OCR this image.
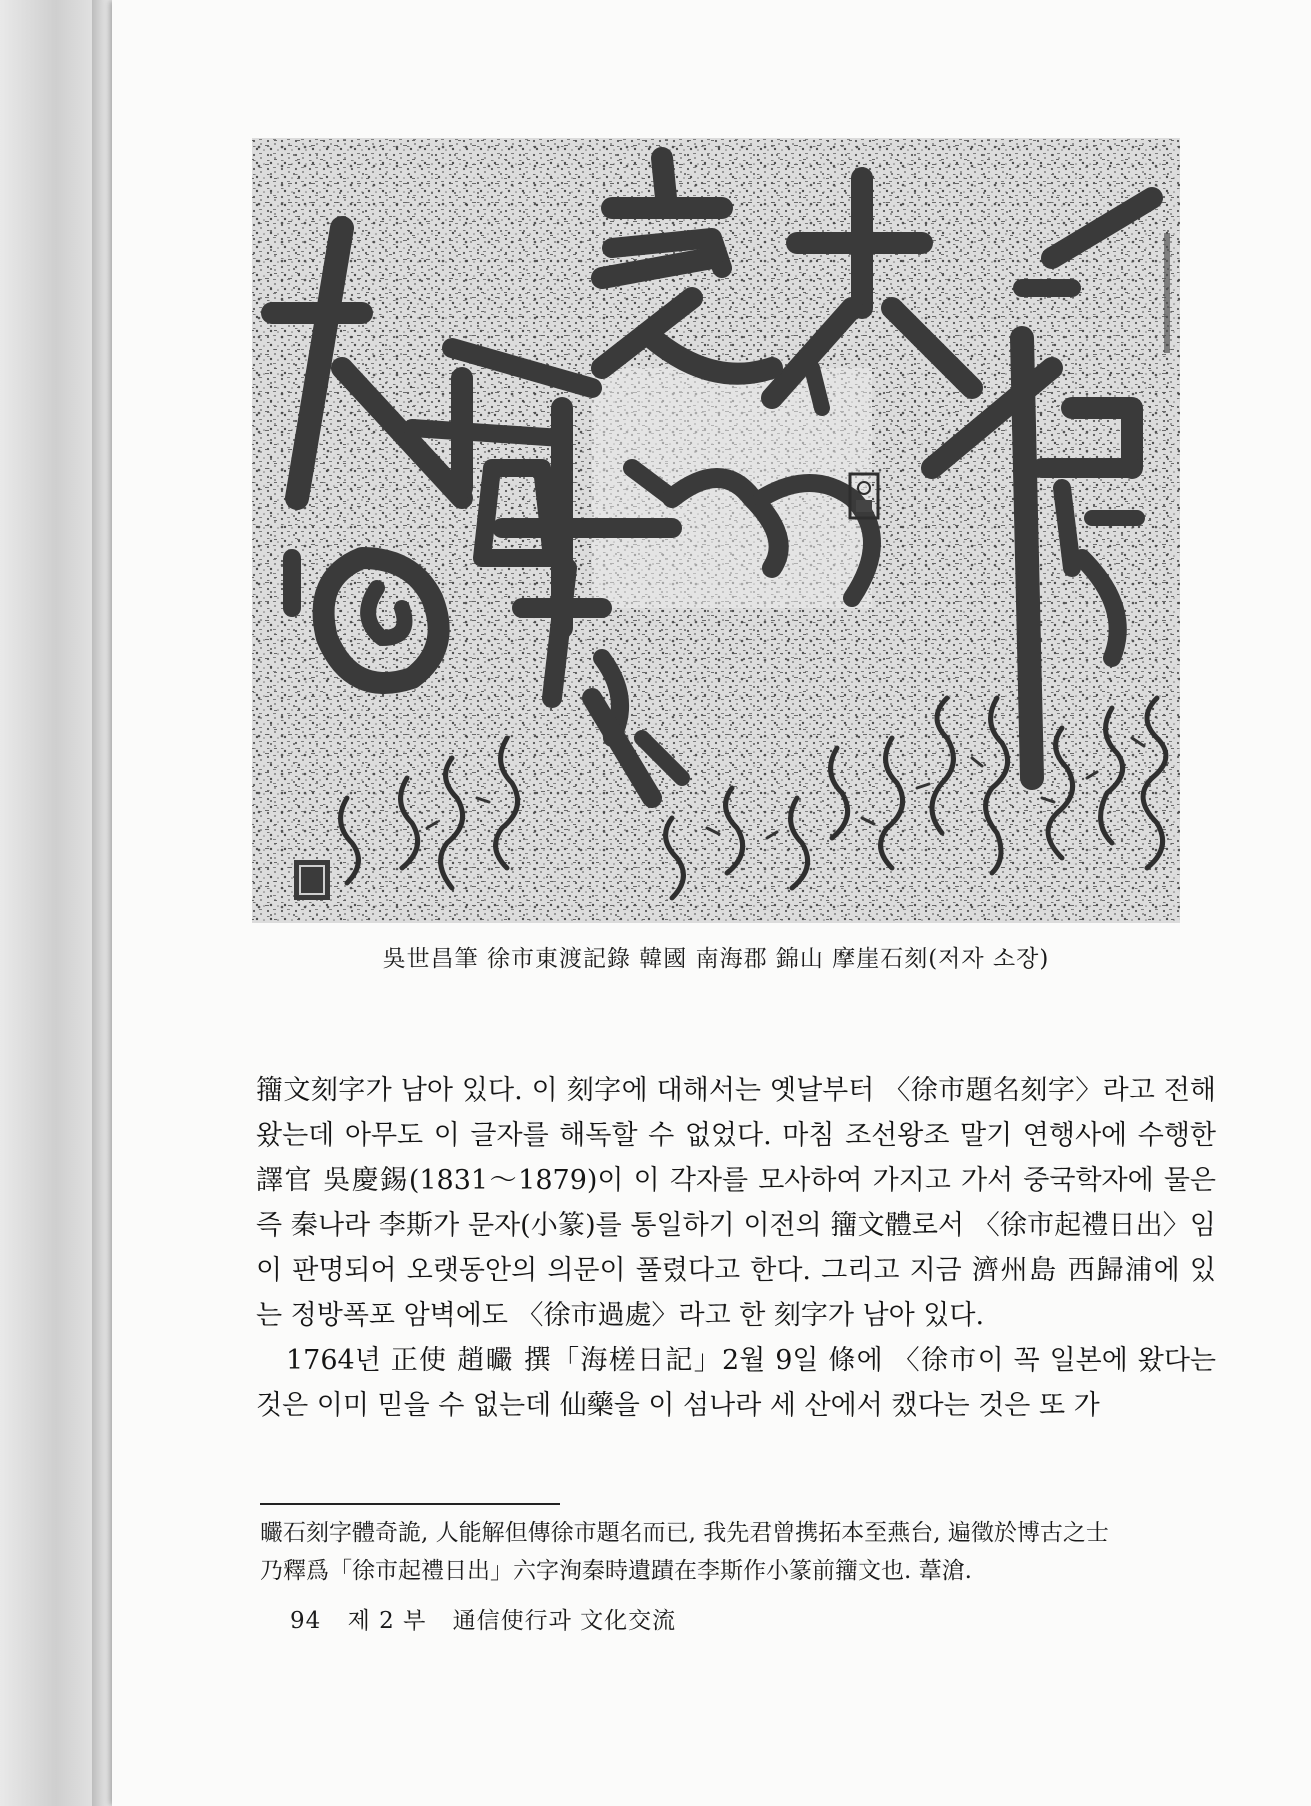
吳世昌筆 徐市東渡記錄 韓國 南海郡 錦山 摩崖石刻(저자 소장)

籒文刻字가 남아 있다. 이 刻字에 대해서는 옛날부터 〈徐市題名刻字〉라고 전해 왔는데 아무도 이 글자를 해독할 수 없었다. 마침 조선왕조 말기 연행사에 수행한 譯官 吳慶錫(1831～1879)이 이 각자를 모사하여 가지고 가서 중국학자에 물은즉 秦나라 李斯가 문자(小篆)를 통일하기 이전의 籒文體로서 〈徐市起禮日出〉임이 판명되어 오랫동안의 의문이 풀렸다고 한다. 그리고 지금 濟州島 西歸浦에 있는 정방폭포 암벽에도 〈徐市過處〉라고 한 刻字가 남아 있다.

1764년 正使 趙曮 撰「海槎日記」2월 9일 條에 〈徐市이 꼭 일본에 왔다는 것은 이미 믿을 수 없는데 仙藥을 이 섬나라 세 산에서 캤다는 것은 또 가

曮石刻字體奇詭, 人能解但傳徐市題名而已, 我先君曾携拓本至燕台, 遍徵於博古之士

乃釋爲「徐市起禮日出」六字洵秦時遺蹟在李斯作小篆前籒文也. 葦滄.

94 제 2 부 通信使行과 文化交流
